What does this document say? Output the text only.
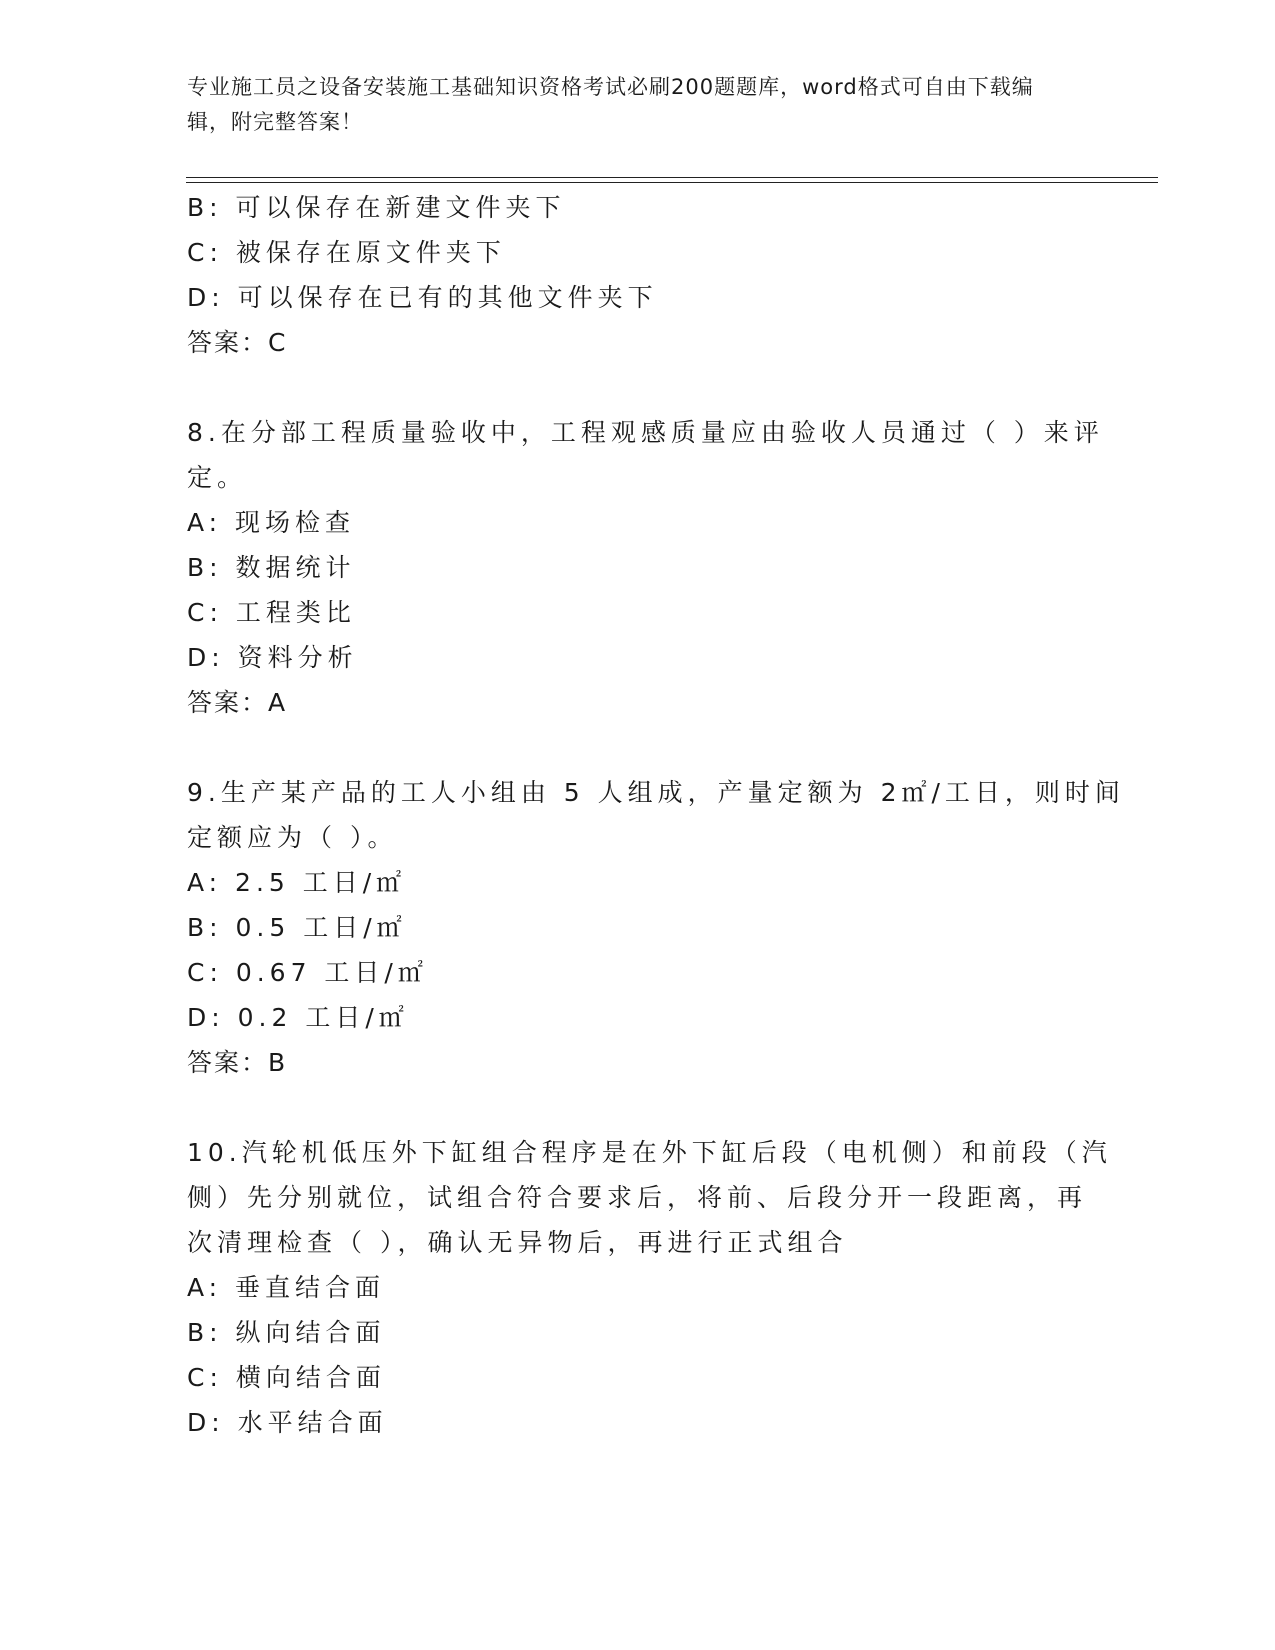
专业施工员之设备安装施工基础知识资格考试必刷200题题库，word格式可自由下载编辑，附完整答案！
B: 可以保存在新建文件夹下
C: 被保存在原文件夹下
D: 可以保存在已有的其他文件夹下
答案：C
8.在分部工程质量验收中，工程观感质量应由验收人员通过（ ）来评
定。
A: 现场检查
B: 数据统计
C: 工程类比
D: 资料分析
答案：A
9.生产某产品的工人小组由 5 人组成，产量定额为 2㎡/工日，则时间
定额应为（ ）。
A: 2.5 工日/㎡
B: 0.5 工日/㎡
C: 0.67 工日/㎡
D: 0.2 工日/㎡
答案：B
10.汽轮机低压外下缸组合程序是在外下缸后段（电机侧）和前段（汽
侧）先分别就位，试组合符合要求后，将前、后段分开一段距离，再
次清理检查（ ），确认无异物后，再进行正式组合
A: 垂直结合面
B: 纵向结合面
C: 横向结合面
D: 水平结合面
